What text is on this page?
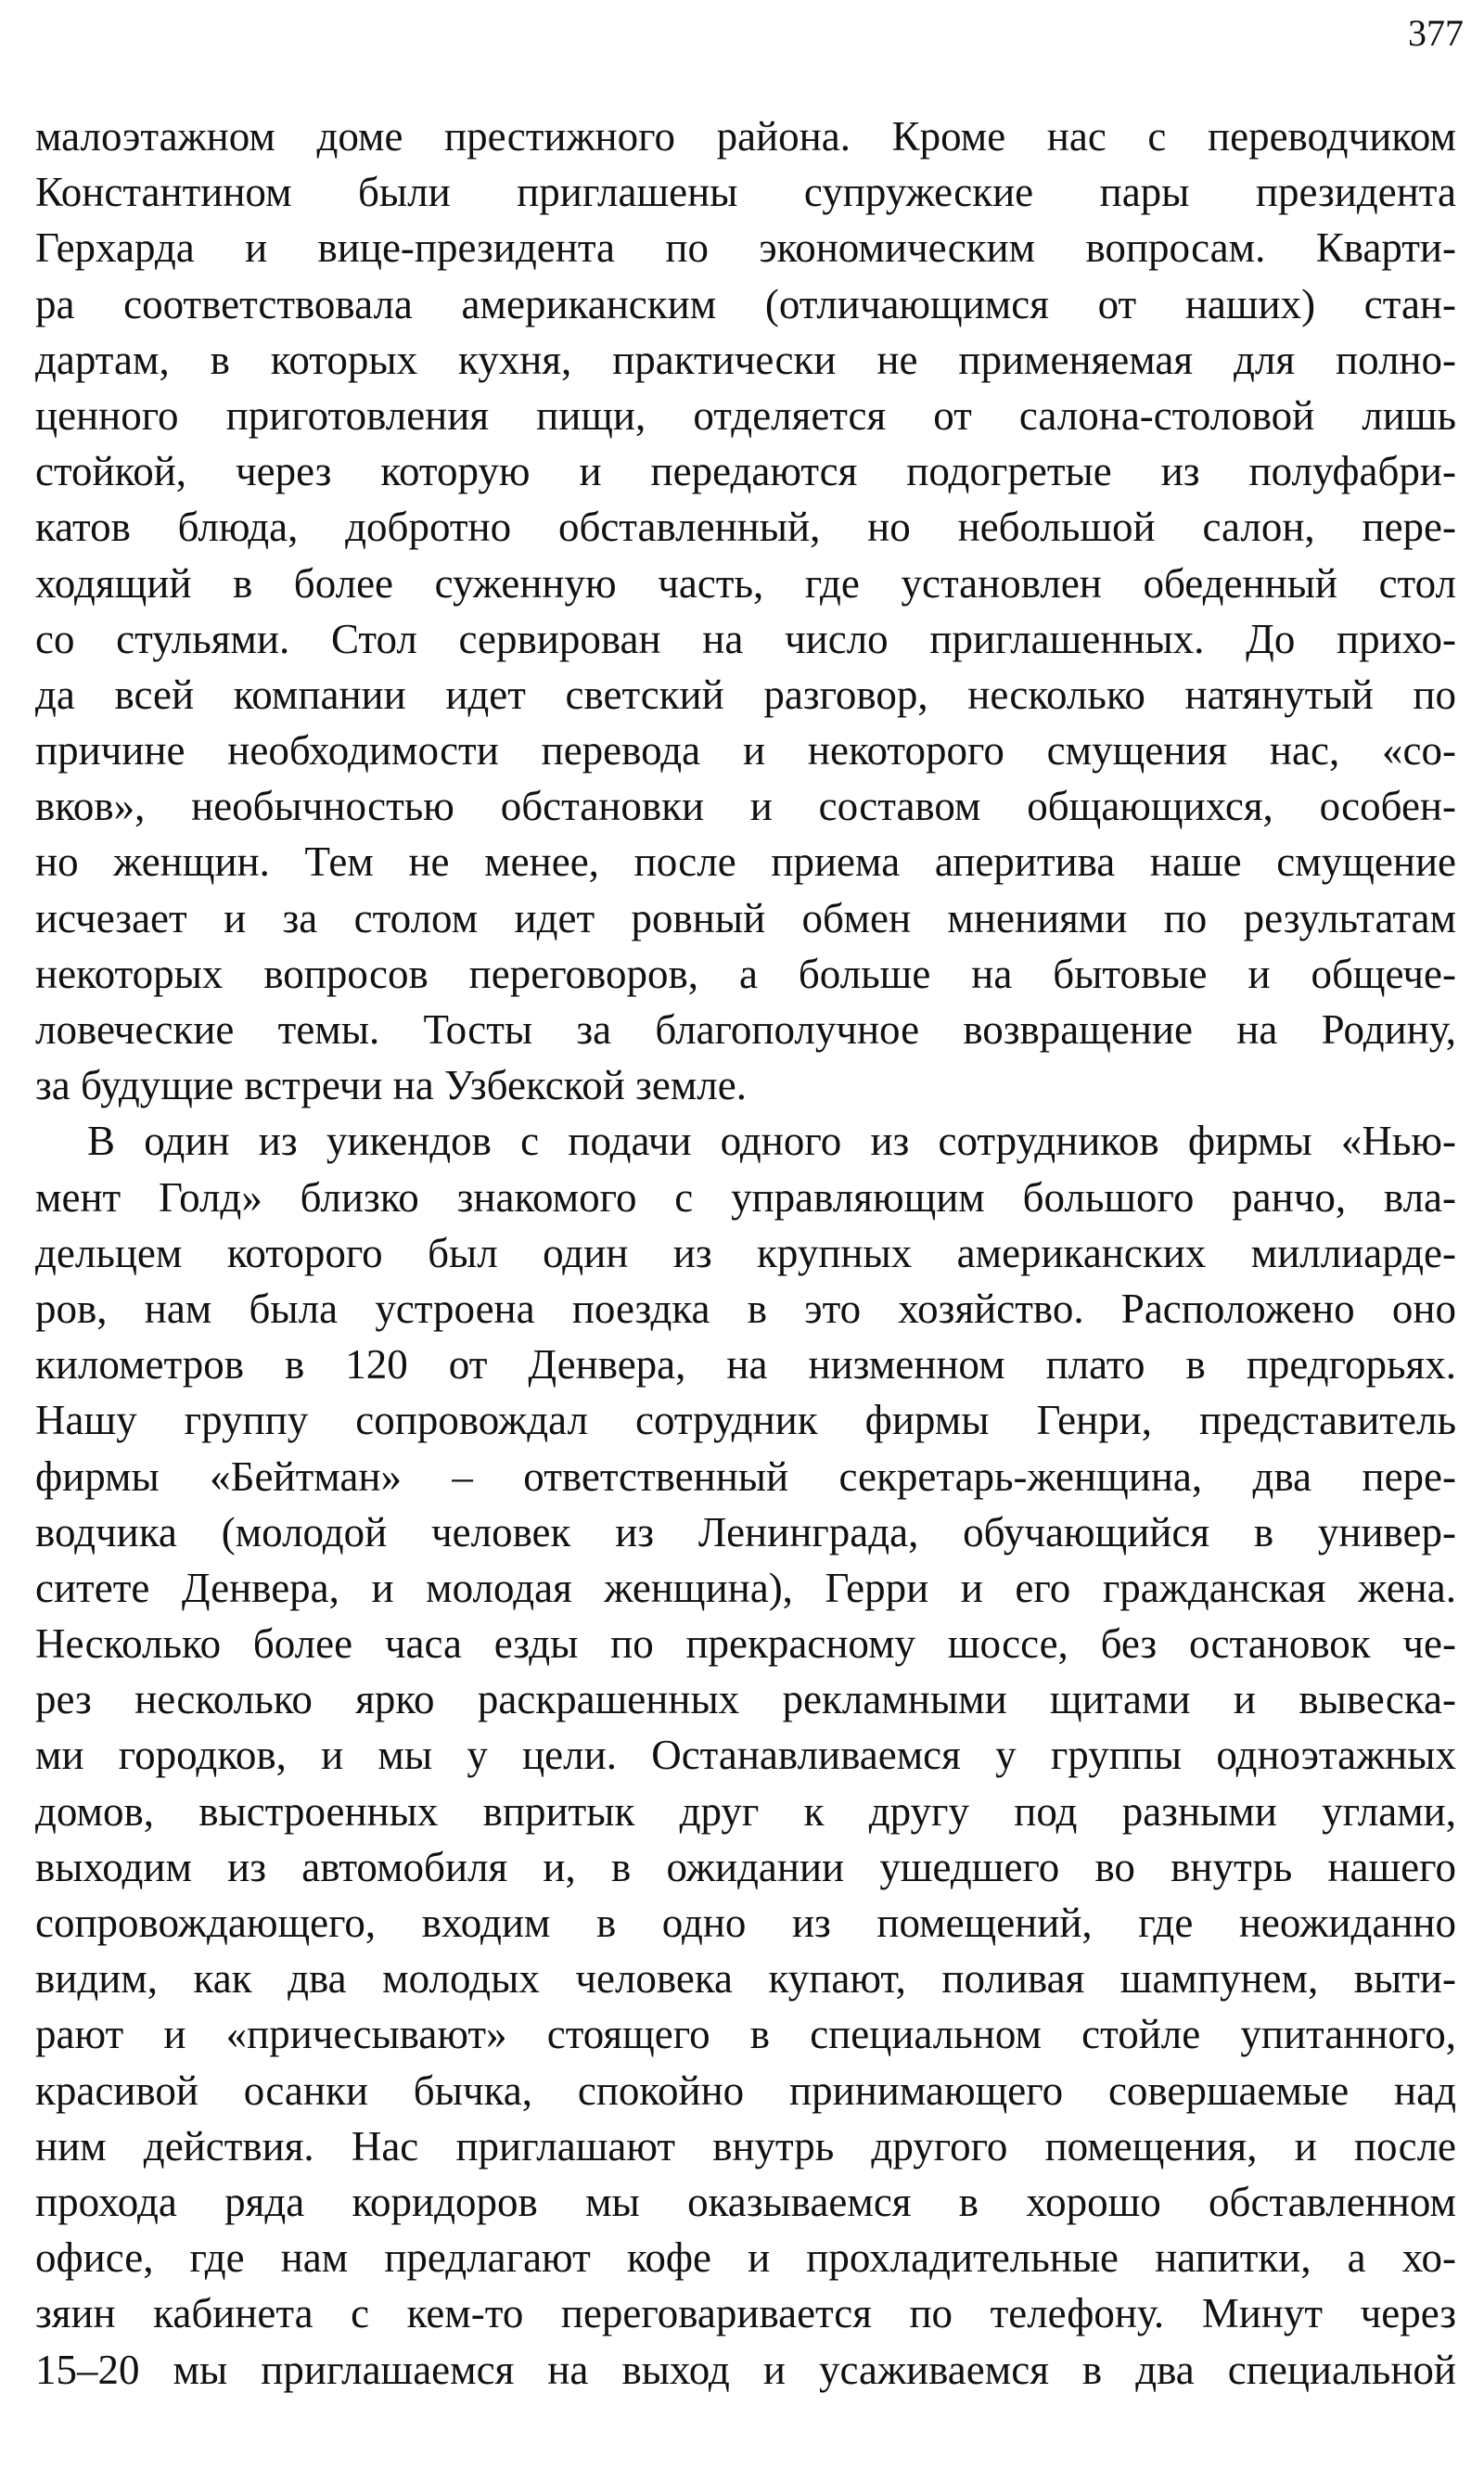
377
малоэтажном доме престижного района. Кроме нас с переводчиком
Константином были приглашены супружеские пары президента
Герхарда и вице-президента по экономическим вопросам. Кварти-
ра соответствовала американским (отличающимся от наших) стан-
дартам, в которых кухня, практически не применяемая для полно-
ценного приготовления пищи, отделяется от салона-столовой лишь
стойкой, через которую и передаются подогретые из полуфабри-
катов блюда, добротно обставленный, но небольшой салон, пере-
ходящий в более суженную часть, где установлен обеденный стол
со стульями. Стол сервирован на число приглашенных. До прихо-
да всей компании идет светский разговор, несколько натянутый по
причине необходимости перевода и некоторого смущения нас, «со-
вков», необычностью обстановки и составом общающихся, особен-
но женщин. Тем не менее, после приема аперитива наше смущение
исчезает и за столом идет ровный обмен мнениями по результатам
некоторых вопросов переговоров, а больше на бытовые и общече-
ловеческие темы. Тосты за благополучное возвращение на Родину,
за будущие встречи на Узбекской земле.
В один из уикендов с подачи одного из сотрудников фирмы «Нью-
мент Голд» близко знакомого с управляющим большого ранчо, вла-
дельцем которого был один из крупных американских миллиарде-
ров, нам была устроена поездка в это хозяйство. Расположено оно
километров в 120 от Денвера, на низменном плато в предгорьях.
Нашу группу сопровождал сотрудник фирмы Генри, представитель
фирмы «Бейтман» – ответственный секретарь-женщина, два пере-
водчика (молодой человек из Ленинграда, обучающийся в универ-
ситете Денвера, и молодая женщина), Герри и его гражданская жена.
Несколько более часа езды по прекрасному шоссе, без остановок че-
рез несколько ярко раскрашенных рекламными щитами и вывеска-
ми городков, и мы у цели. Останавливаемся у группы одноэтажных
домов, выстроенных впритык друг к другу под разными углами,
выходим из автомобиля и, в ожидании ушедшего во внутрь нашего
сопровождающего, входим в одно из помещений, где неожиданно
видим, как два молодых человека купают, поливая шампунем, выти-
рают и «причесывают» стоящего в специальном стойле упитанного,
красивой осанки бычка, спокойно принимающего совершаемые над
ним действия. Нас приглашают внутрь другого помещения, и после
прохода ряда коридоров мы оказываемся в хорошо обставленном
офисе, где нам предлагают кофе и прохладительные напитки, а хо-
зяин кабинета с кем-то переговаривается по телефону. Минут через
15–20 мы приглашаемся на выход и усаживаемся в два специальной
